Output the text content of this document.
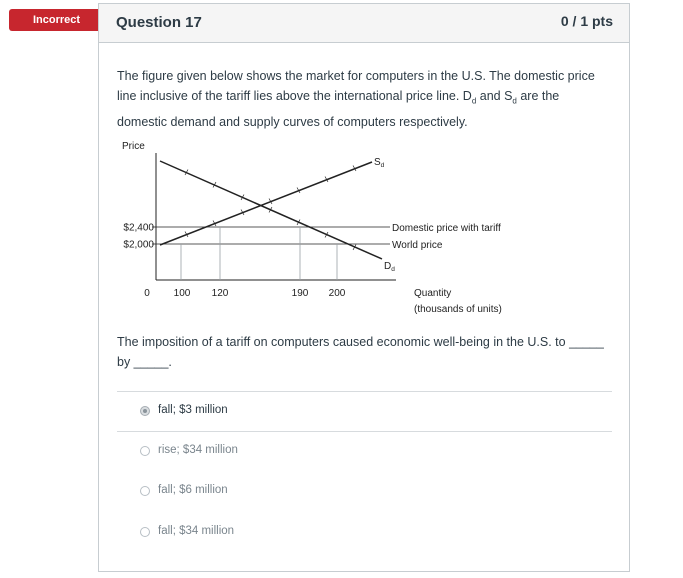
Incorrect	Question 17	0 / 1 pts
The figure given below shows the market for computers in the U.S. The domestic price line inclusive of the tariff lies above the international price line. $D_d$ and $S_d$ are the domestic demand and supply curves of computers respectively.
Price
$2,400
$2,000
0 100 120	190 200
$S_d$
$D_d$
Domestic price with tariff
World price
Quantity
(thousands of units)
The imposition of a tariff on computers caused economic well-being in the U.S. to _____ by _____.
fall; $3 million
rise; $34 million
fall; $6 million
fall; $34 million
